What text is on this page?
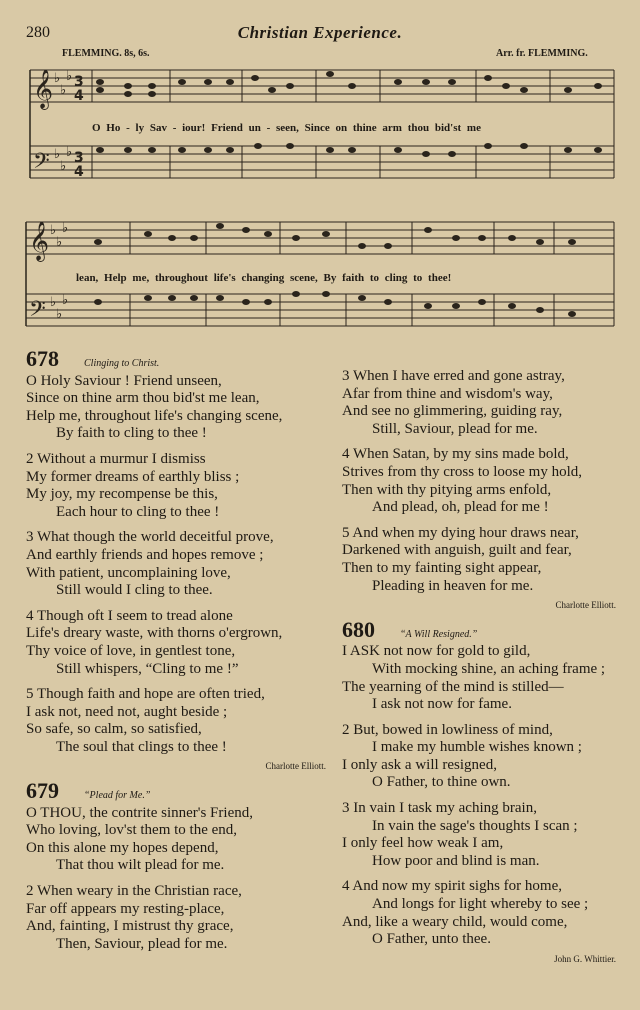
280	Christian Experience.
FLEMMING. 8s, 6s.	Arr. fr. FLEMMING.
𝄞
𝄢
𝄞
𝄢
♭
♭
♭
♭
♭
♭
♭
♭
♭
♭
♭
♭
3
4
3
4
O Ho - ly Sav - iour! Friend un - seen, Since on thine arm thou bid'st me
lean, Help me, throughout life's changing scene, By faith to cling to thee!

678	Clinging to Christ.

O Holy Saviour ! Friend unseen,

Since on thine arm thou bid'st me lean,

Help me, throughout life's changing scene,

By faith to cling to thee !

2 Without a murmur I dismiss

My former dreams of earthly bliss ;

My joy, my recompense be this,

Each hour to cling to thee !

3 What though the world deceitful prove,

And earthly friends and hopes remove ;

With patient, uncomplaining love,

Still would I cling to thee.

4 Though oft I seem to tread alone

Life's dreary waste, with thorns o'ergrown,

Thy voice of love, in gentlest tone,

Still whispers, “Cling to me !”

5 Though faith and hope are often tried,

I ask not, need not, aught beside ;

So safe, so calm, so satisfied,

The soul that clings to thee !

Charlotte Elliott.

679	“Plead for Me.”

O THOU, the contrite sinner's Friend,

Who loving, lov'st them to the end,

On this alone my hopes depend,

That thou wilt plead for me.

2 When weary in the Christian race,

Far off appears my resting-place,

And, fainting, I mistrust thy grace,

Then, Saviour, plead for me.

3 When I have erred and gone astray,

Afar from thine and wisdom's way,

And see no glimmering, guiding ray,

Still, Saviour, plead for me.

4 When Satan, by my sins made bold,

Strives from thy cross to loose my hold,

Then with thy pitying arms enfold,

And plead, oh, plead for me !

5 And when my dying hour draws near,

Darkened with anguish, guilt and fear,

Then to my fainting sight appear,

Pleading in heaven for me.

Charlotte Elliott.

680	“A Will Resigned.”

I ASK not now for gold to gild,

With mocking shine, an aching frame ;

The yearning of the mind is stilled—

I ask not now for fame.

2 But, bowed in lowliness of mind,

I make my humble wishes known ;

I only ask a will resigned,

O Father, to thine own.

3 In vain I task my aching brain,

In vain the sage's thoughts I scan ;

I only feel how weak I am,

How poor and blind is man.

4 And now my spirit sighs for home,

And longs for light whereby to see ;

And, like a weary child, would come,

O Father, unto thee.

John G. Whittier.
